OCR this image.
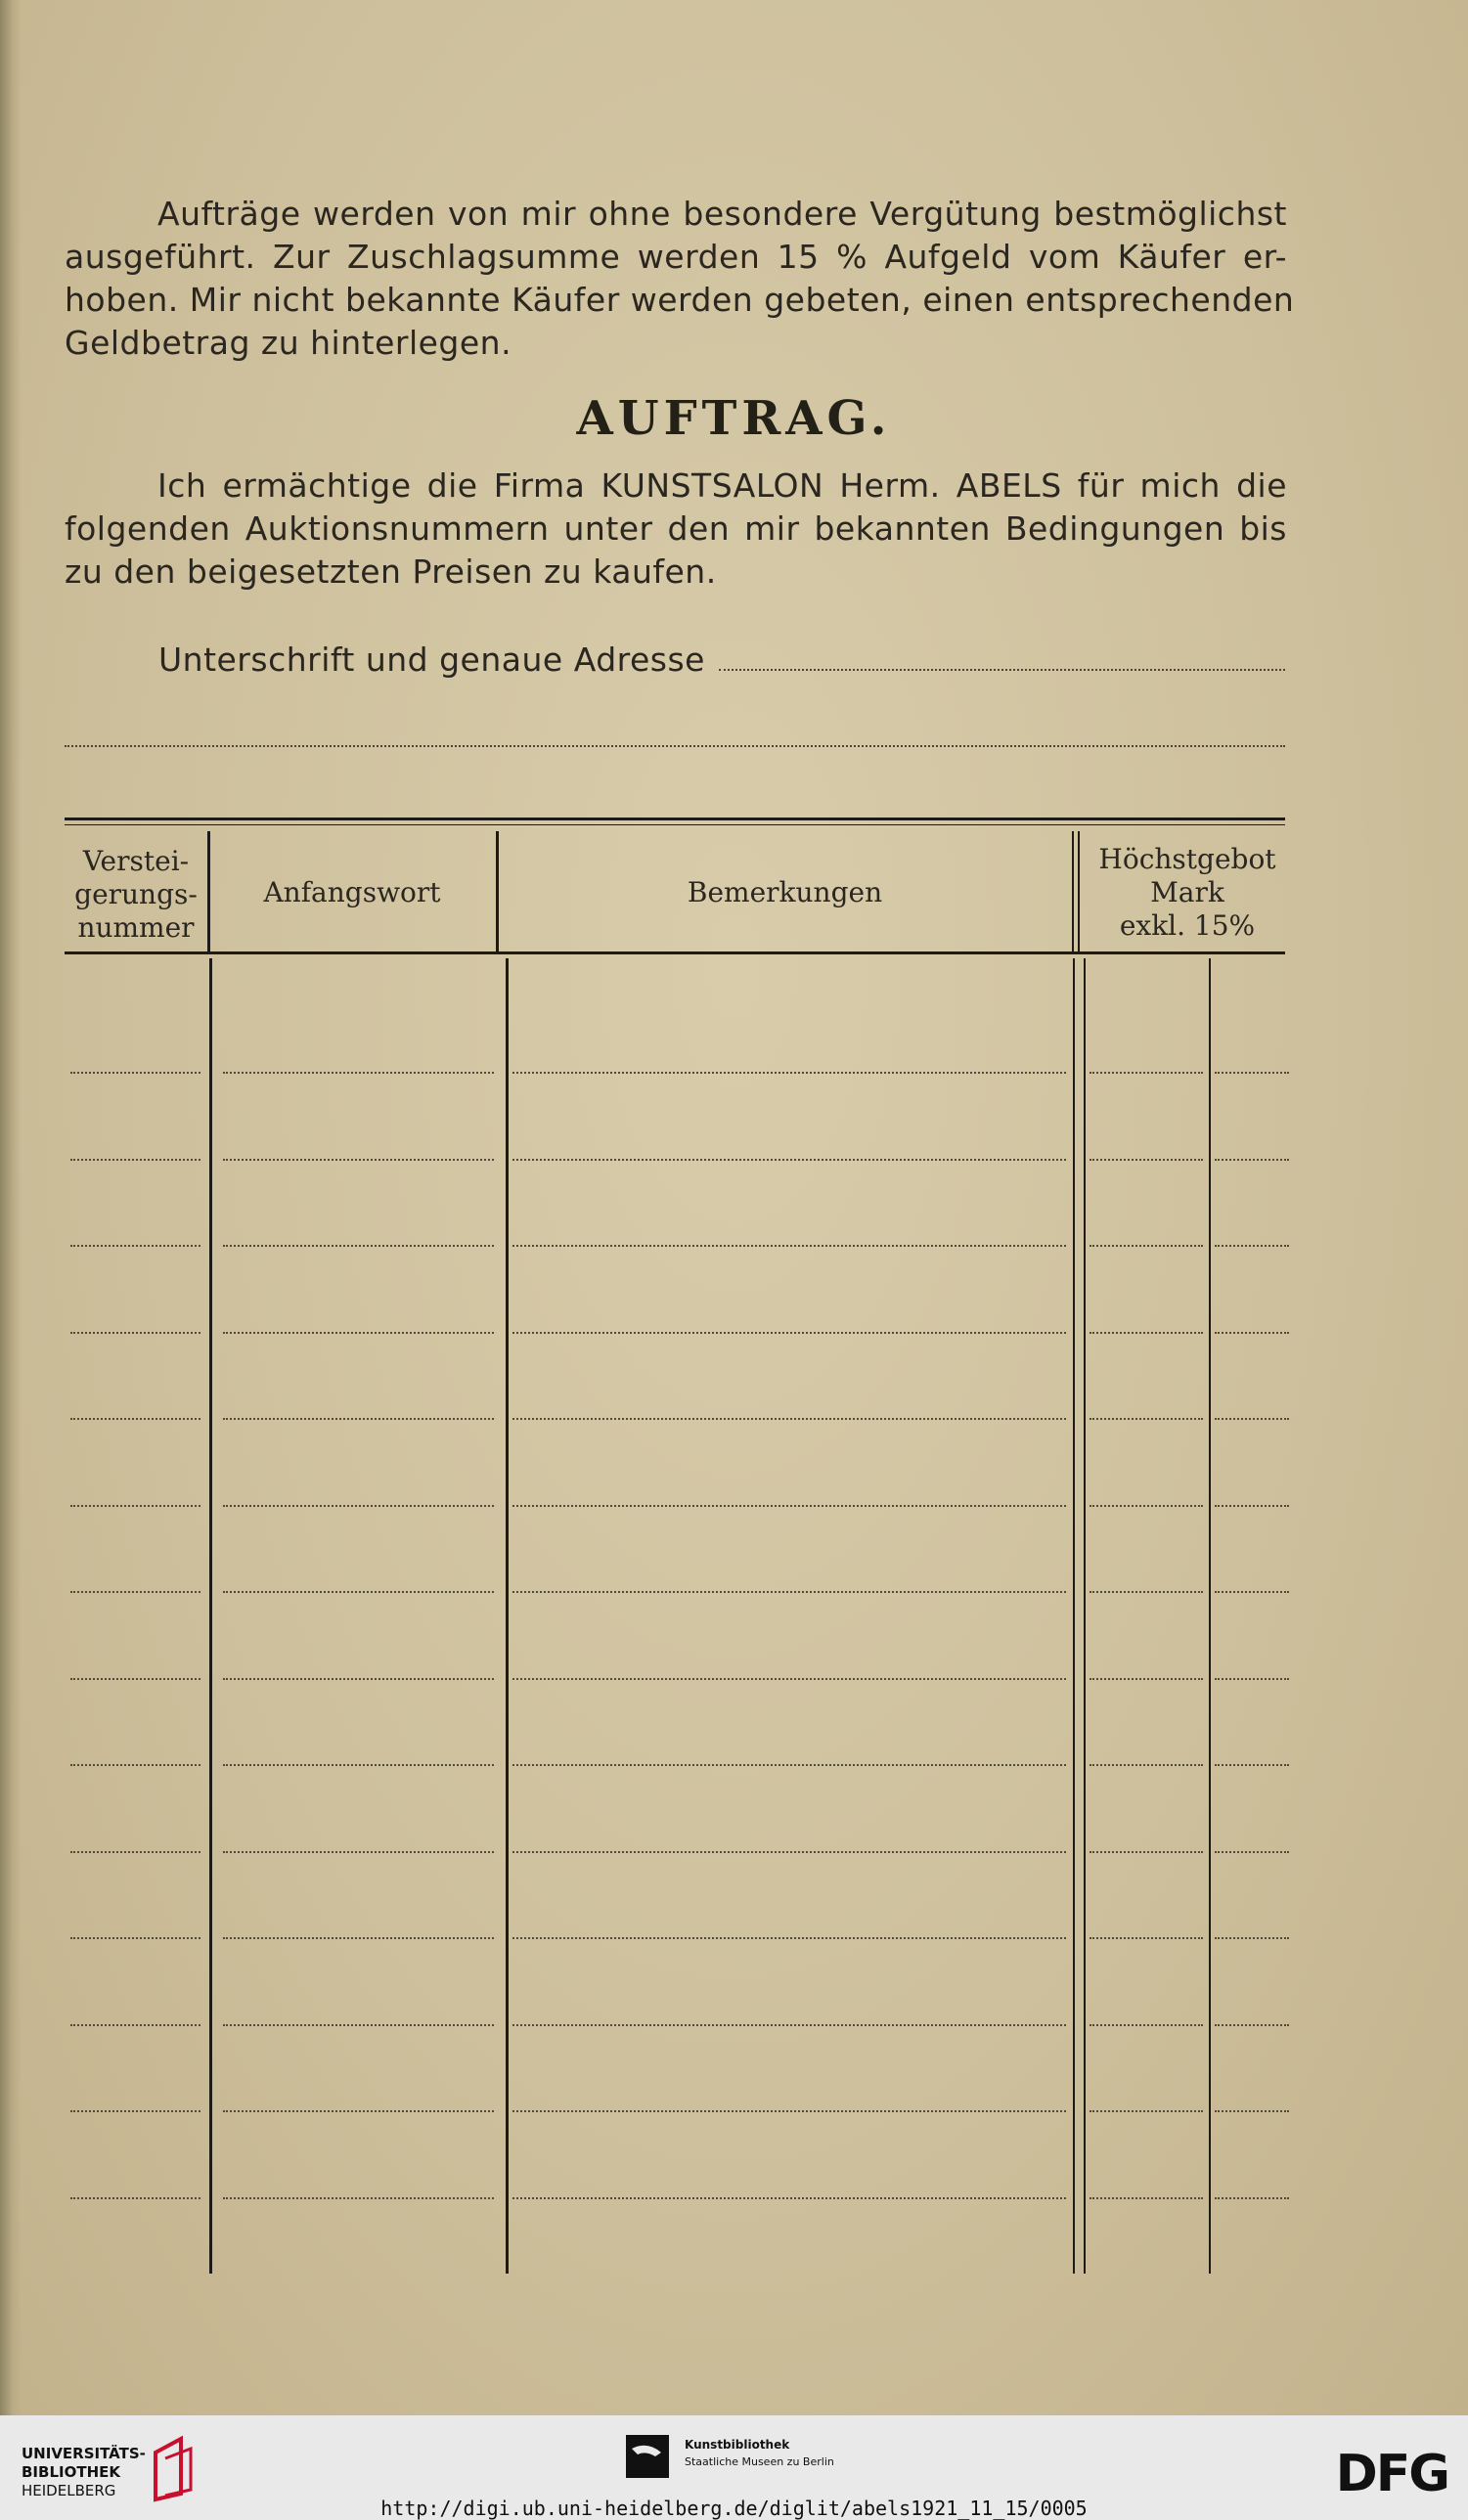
Aufträge werden von mir ohne besondere Vergütung bestmöglichst
ausgeführt. Zur Zuschlagsumme werden 15 % Aufgeld vom Käufer er-
hoben. Mir nicht bekannte Käufer werden gebeten, einen entsprechenden
Geldbetrag zu hinterlegen.
AUFTRAG.
Ich ermächtige die Firma KUNSTSALON Herm. ABELS für mich die
folgenden Auktionsnummern unter den mir bekannten Bedingungen bis
zu den beigesetzten Preisen zu kaufen.
Unterschrift und genaue Adresse
Verstei-
gerungs-
nummer
Anfangswort	Bemerkungen
Höchstgebot
Mark
exkl. 15%
UNIVERSITÄTS-
BIBLIOTHEK
HEIDELBERG
Kunstbibliothek
Staatliche Museen zu Berlin	DFG
http://digi.ub.uni-heidelberg.de/diglit/abels1921_11_15/0005
